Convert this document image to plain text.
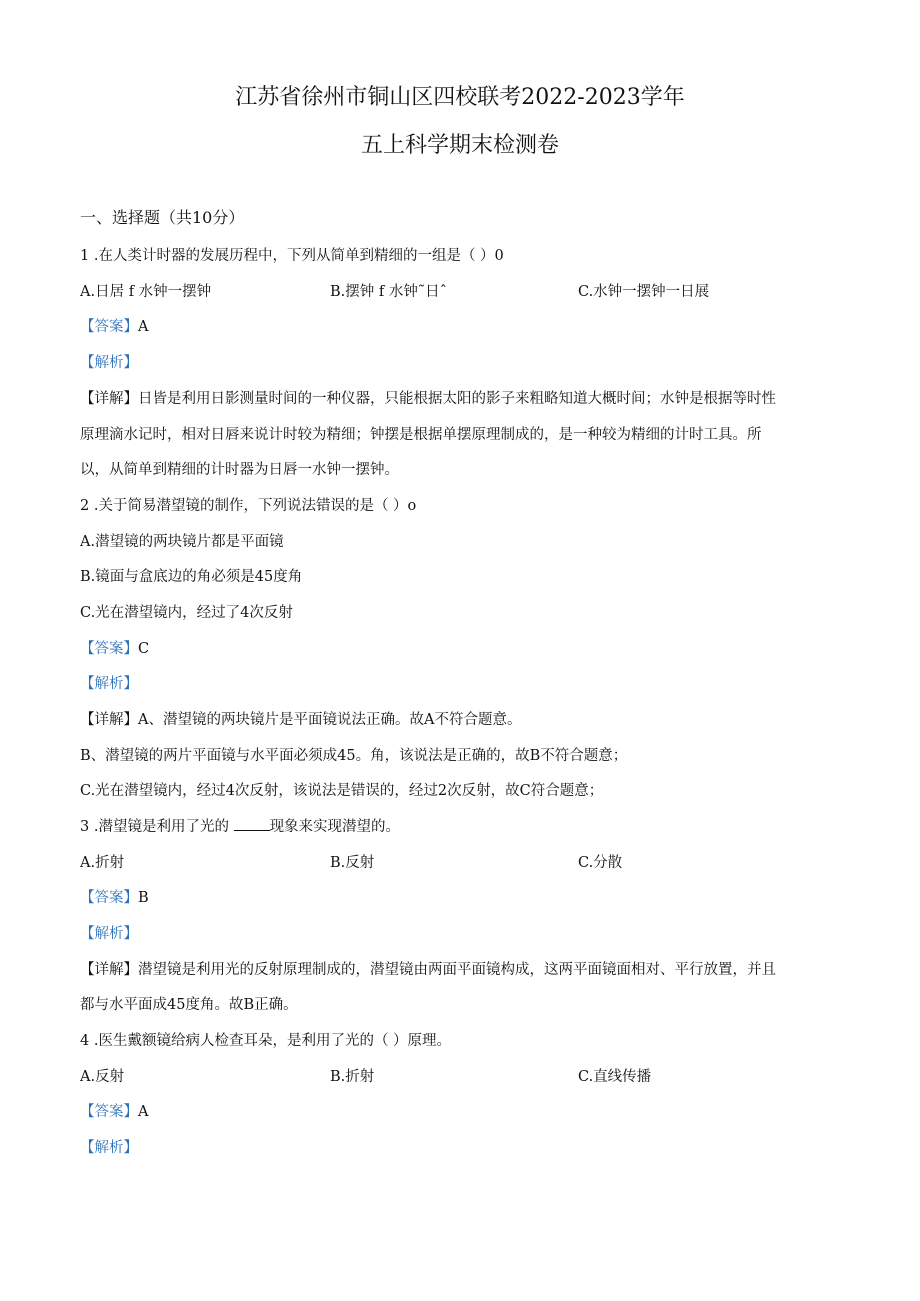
江苏省徐州市铜山区四校联考2022-2023学年
五上科学期末检测卷
一、选择题（共10分）
1 .在人类计时器的发展历程中，下列从简单到精细的一组是（ ）0
A.日居 f 水钟一摆钟	B.摆钟 f 水钟˜日ˆ	C.水钟一摆钟一日展
【答案】A
【解析】
【详解】日皆是利用日影测量时间的一种仪器，只能根据太阳的影子来粗略知道大概时间；水钟是根据等时性
原理滴水记时，相对日唇来说计时较为精细；钟摆是根据单摆原理制成的，是一种较为精细的计时工具。所
以，从简单到精细的计时器为日唇一水钟一摆钟。
2 .关于简易潜望镜的制作，下列说法错误的是（ ）o
A.潜望镜的两块镜片都是平面镜
B.镜面与盒底边的角必须是45度角
C.光在潜望镜内，经过了4次反射
【答案】C
【解析】
【详解】A、潜望镜的两块镜片是平面镜说法正确。故A不符合题意。
B、潜望镜的两片平面镜与水平面必须成45。角，该说法是正确的，故B不符合题意；
C.光在潜望镜内，经过4次反射，该说法是错误的，经过2次反射，故C符合题意；
3 .潜望镜是利用了光的 现象来实现潜望的。
A.折射	B.反射	C.分散
【答案】B
【解析】
【详解】潜望镜是利用光的反射原理制成的，潜望镜由两面平面镜构成，这两平面镜面相对、平行放置，并且
都与水平面成45度角。故B正确。
4 .医生戴额镜给病人检查耳朵，是利用了光的（ ）原理。
A.反射	B.折射	C.直线传播
【答案】A
【解析】
